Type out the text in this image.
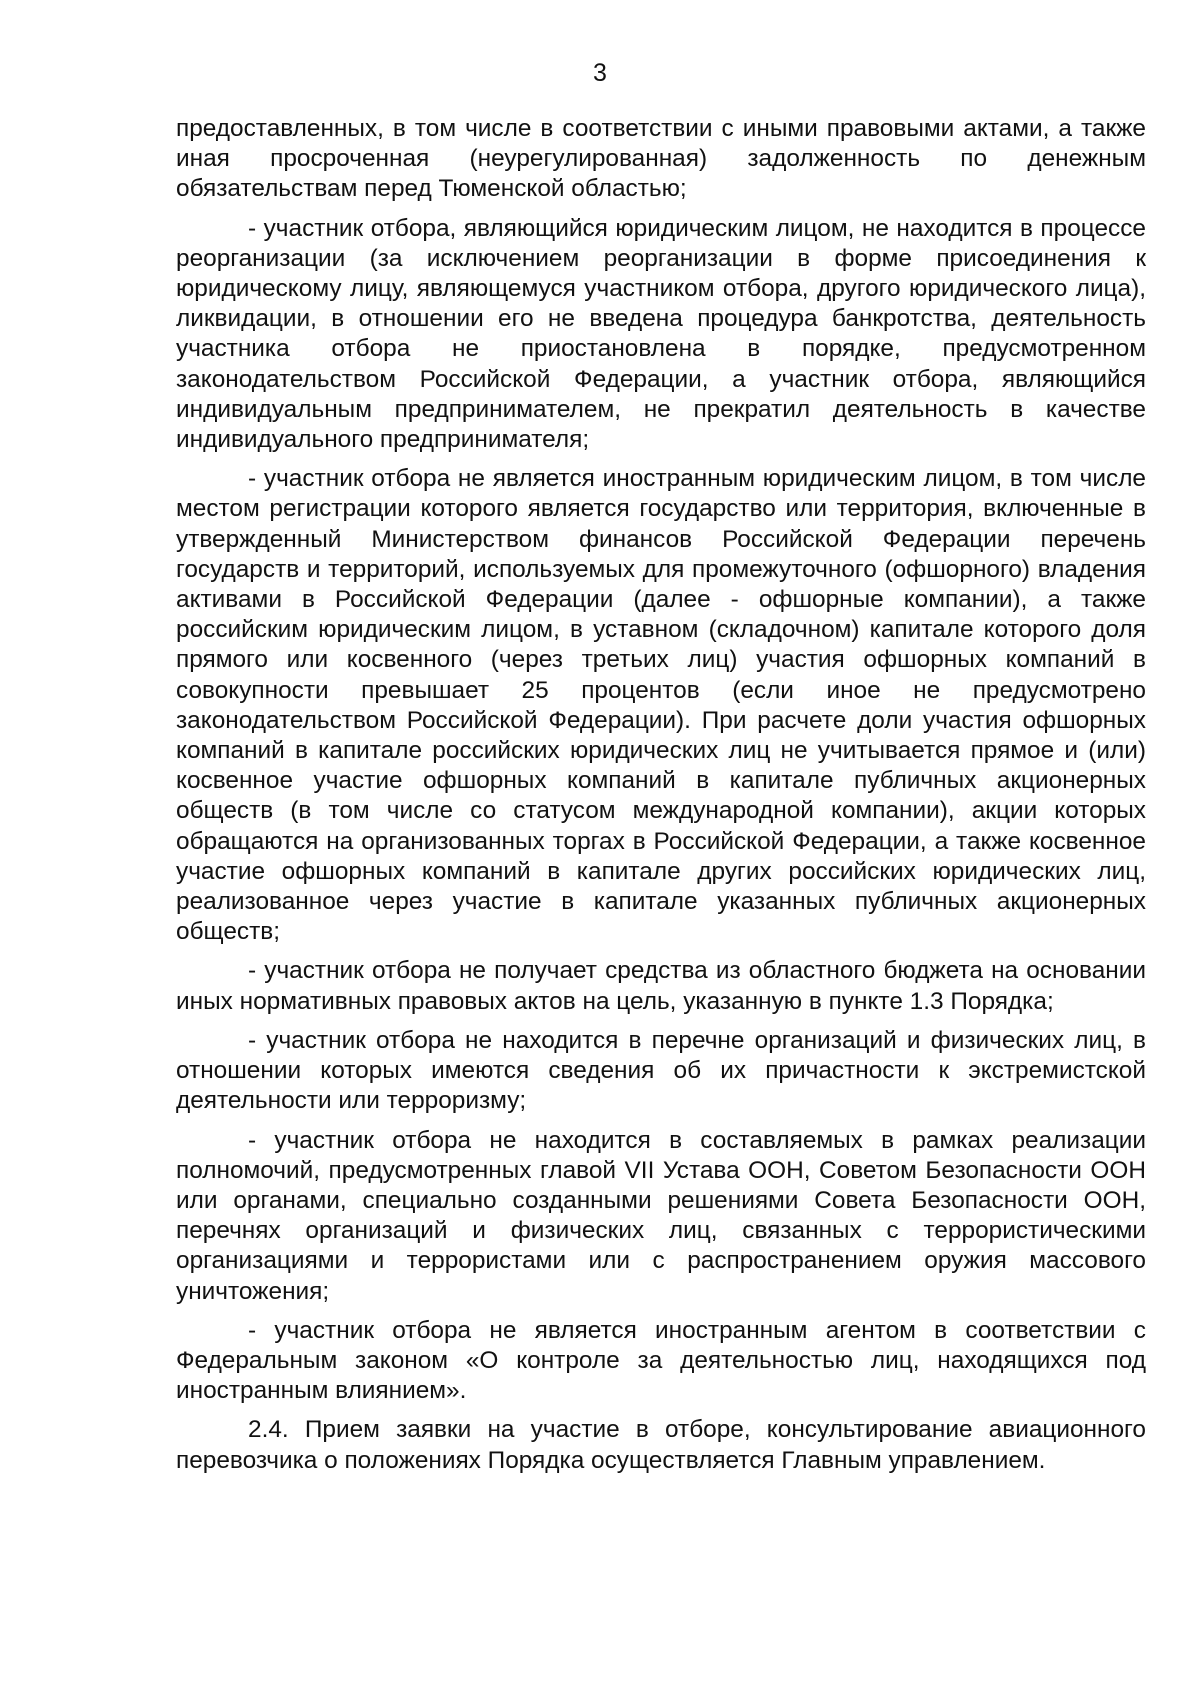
3

предоставленных, в том числе в соответствии с иными правовыми актами, а также иная просроченная (неурегулированная) задолженность по денежным обязательствам перед Тюменской областью;

- участник отбора, являющийся юридическим лицом, не находится в процессе реорганизации (за исключением реорганизации в форме присоединения к юридическому лицу, являющемуся участником отбора, другого юридического лица), ликвидации, в отношении его не введена процедура банкротства, деятельность участника отбора не приостановлена в порядке, предусмотренном законодательством Российской Федерации, а участник отбора, являющийся индивидуальным предпринимателем, не прекратил деятельность в качестве индивидуального предпринимателя;

- участник отбора не является иностранным юридическим лицом, в том числе местом регистрации которого является государство или территория, включенные в утвержденный Министерством финансов Российской Федерации перечень государств и территорий, используемых для промежуточного (офшорного) владения активами в Российской Федерации (далее - офшорные компании), а также российским юридическим лицом, в уставном (складочном) капитале которого доля прямого или косвенного (через третьих лиц) участия офшорных компаний в совокупности превышает 25 процентов (если иное не предусмотрено законодательством Российской Федерации). При расчете доли участия офшорных компаний в капитале российских юридических лиц не учитывается прямое и (или) косвенное участие офшорных компаний в капитале публичных акционерных обществ (в том числе со статусом международной компании), акции которых обращаются на организованных торгах в Российской Федерации, а также косвенное участие офшорных компаний в капитале других российских юридических лиц, реализованное через участие в капитале указанных публичных акционерных обществ;

- участник отбора не получает средства из областного бюджета на основании иных нормативных правовых актов на цель, указанную в пункте 1.3 Порядка;

- участник отбора не находится в перечне организаций и физических лиц, в отношении которых имеются сведения об их причастности к экстремистской деятельности или терроризму;

- участник отбора не находится в составляемых в рамках реализации полномочий, предусмотренных главой VII Устава ООН, Советом Безопасности ООН или органами, специально созданными решениями Совета Безопасности ООН, перечнях организаций и физических лиц, связанных с террористическими организациями и террористами или с распространением оружия массового уничтожения;

- участник отбора не является иностранным агентом в соответствии с Федеральным законом «О контроле за деятельностью лиц, находящихся под иностранным влиянием».

2.4. Прием заявки на участие в отборе, консультирование авиационного перевозчика о положениях Порядка осуществляется Главным управлением.
